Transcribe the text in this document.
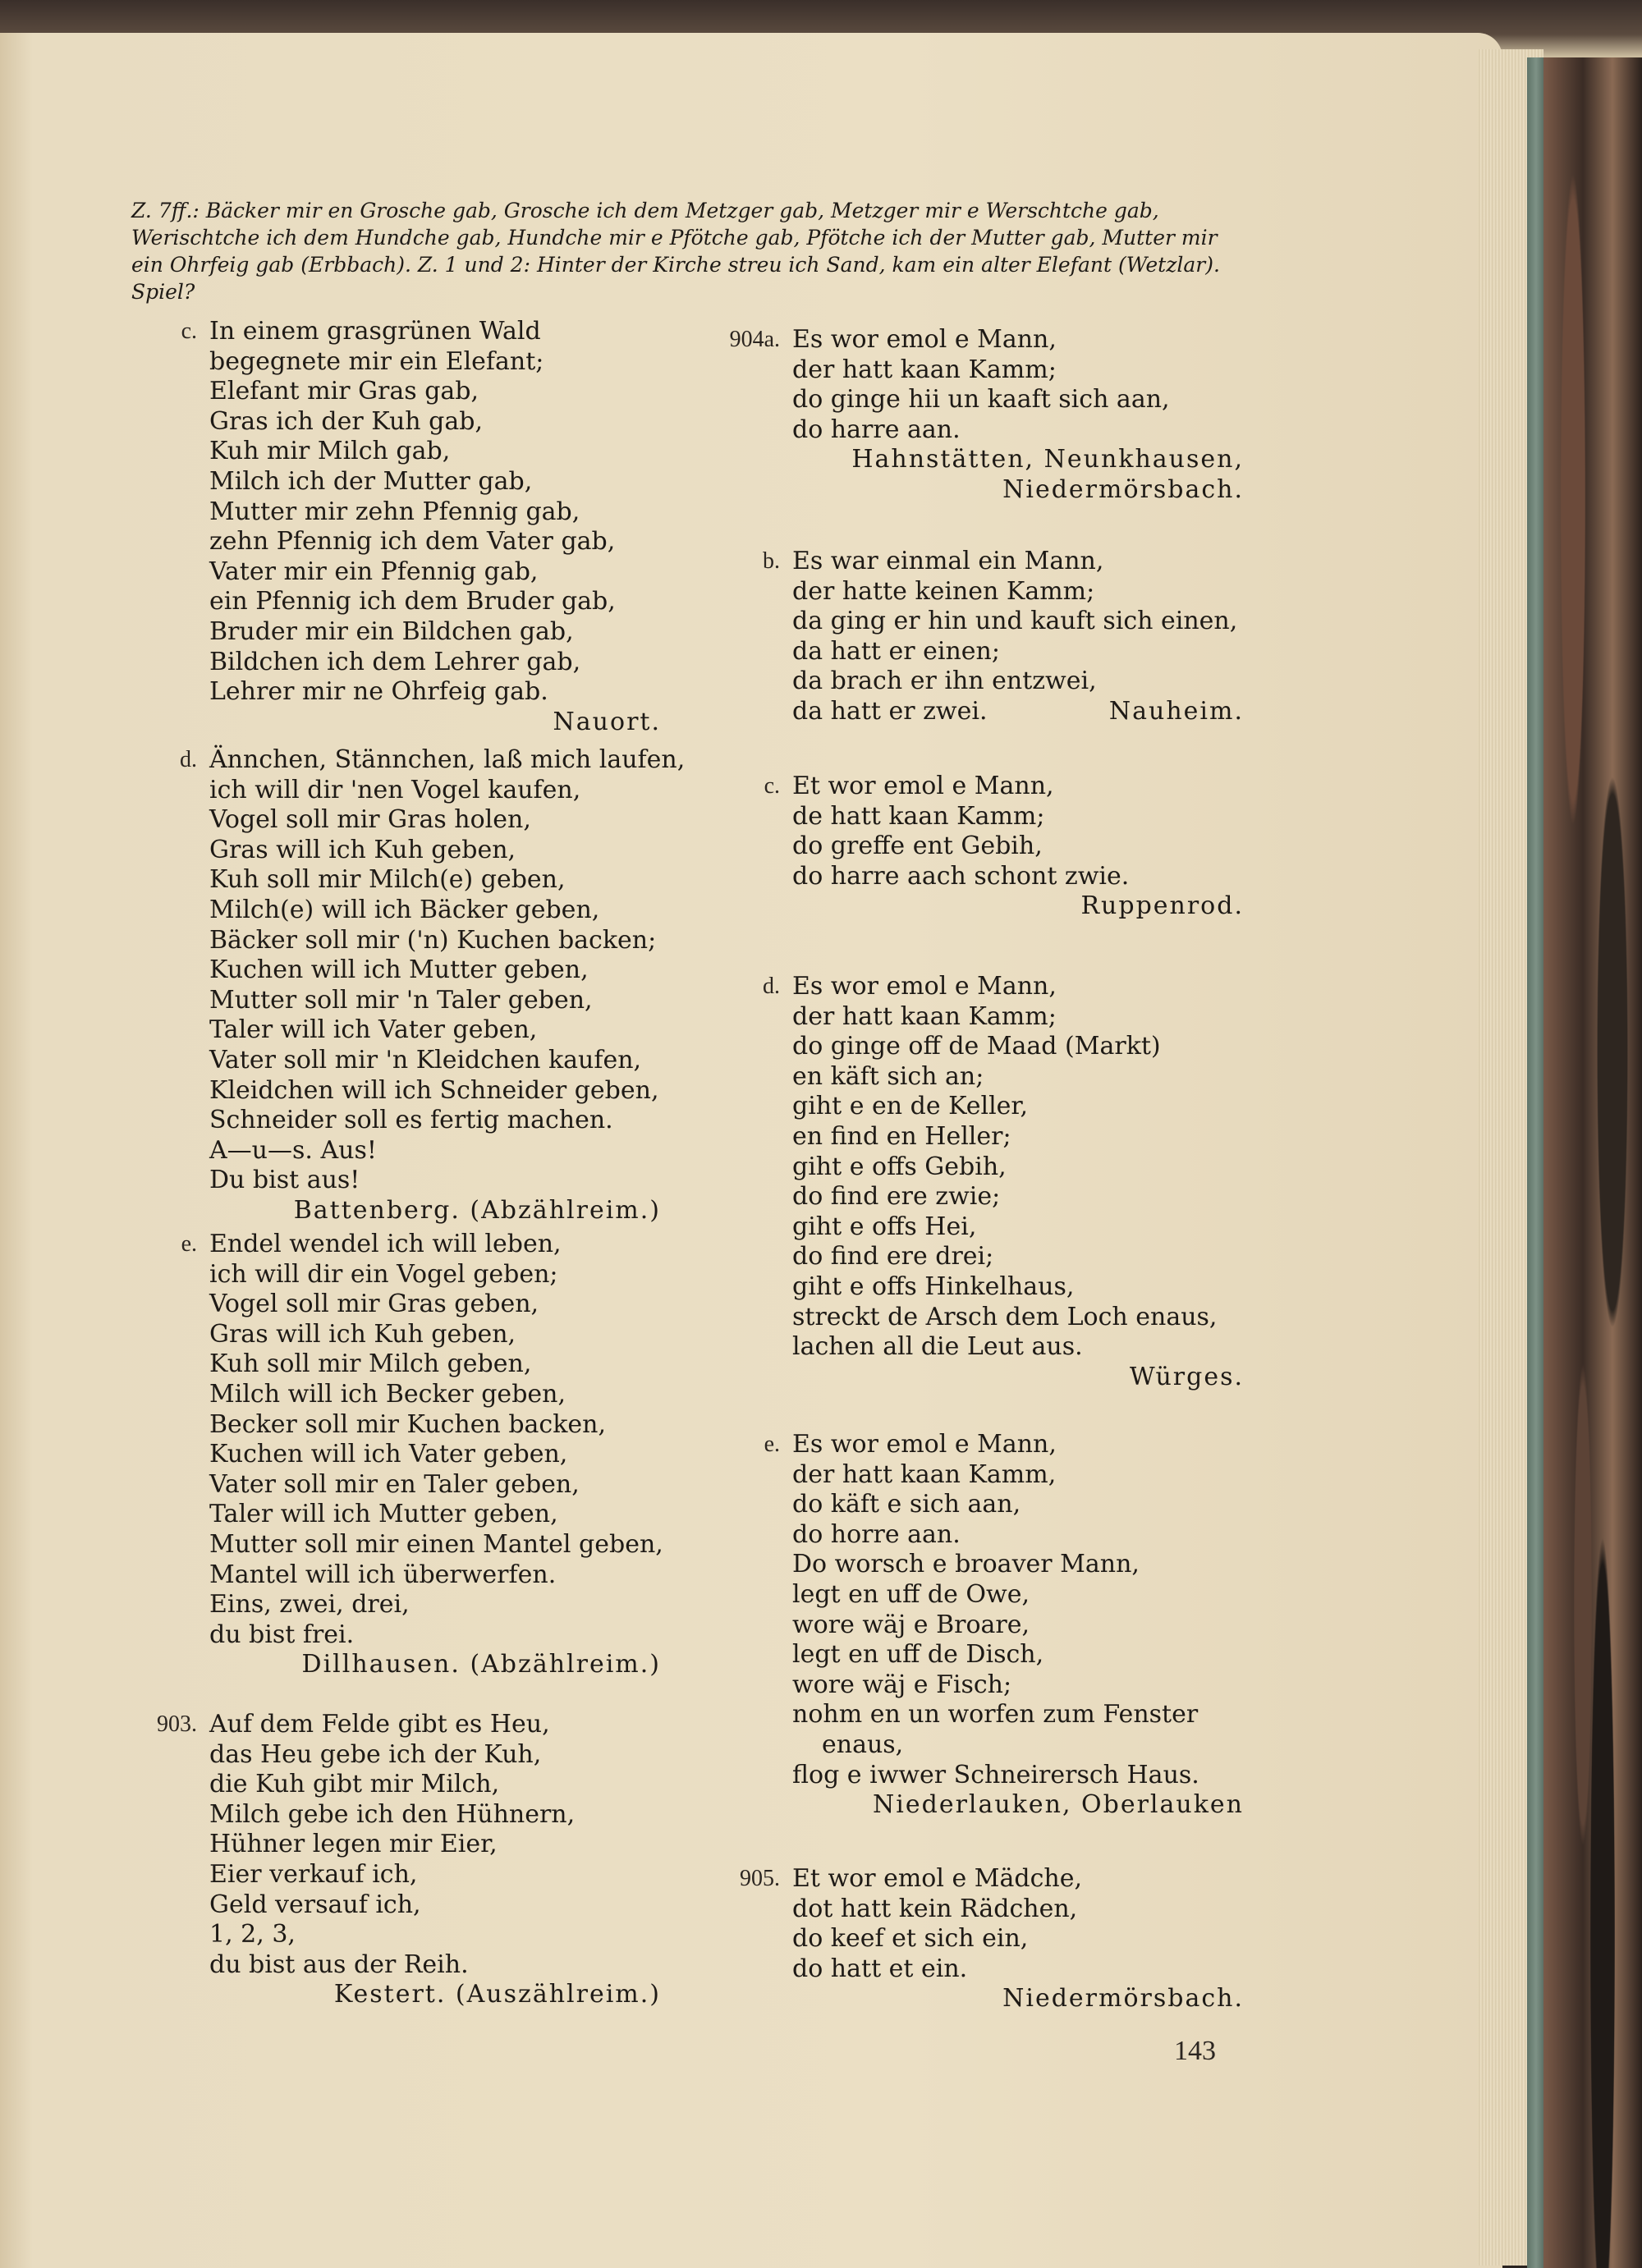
Z. 7ff.: Bäcker mir en Grosche gab, Grosche ich dem Metzger gab, Metzger mir e Werschtche gab, Werischtche ich dem Hundche gab, Hundche mir e Pfötche gab, Pfötche ich der Mutter gab, Mutter mir ein Ohrfeig gab (Erbbach). Z. 1 und 2: Hinter der Kirche streu ich Sand, kam ein alter Elefant (Wetzlar). Spiel?
c. In einem grasgrünen Wald
begegnete mir ein Elefant;
Elefant mir Gras gab,
Gras ich der Kuh gab,
Kuh mir Milch gab,
Milch ich der Mutter gab,
Mutter mir zehn Pfennig gab,
zehn Pfennig ich dem Vater gab,
Vater mir ein Pfennig gab,
ein Pfennig ich dem Bruder gab,
Bruder mir ein Bildchen gab,
Bildchen ich dem Lehrer gab,
Lehrer mir ne Ohrfeig gab.
Nauort.
d. Ännchen, Stännchen, laß mich laufen,
ich will dir 'nen Vogel kaufen,
Vogel soll mir Gras holen,
Gras will ich Kuh geben,
Kuh soll mir Milch(e) geben,
Milch(e) will ich Bäcker geben,
Bäcker soll mir ('n) Kuchen backen;
Kuchen will ich Mutter geben,
Mutter soll mir 'n Taler geben,
Taler will ich Vater geben,
Vater soll mir 'n Kleidchen kaufen,
Kleidchen will ich Schneider geben,
Schneider soll es fertig machen.
A—u—s. Aus!
Du bist aus!
Battenberg. (Abzählreim.)
e. Endel wendel ich will leben,
ich will dir ein Vogel geben;
Vogel soll mir Gras geben,
Gras will ich Kuh geben,
Kuh soll mir Milch geben,
Milch will ich Becker geben,
Becker soll mir Kuchen backen,
Kuchen will ich Vater geben,
Vater soll mir en Taler geben,
Taler will ich Mutter geben,
Mutter soll mir einen Mantel geben,
Mantel will ich überwerfen.
Eins, zwei, drei,
du bist frei.
Dillhausen. (Abzählreim.)
903. Auf dem Felde gibt es Heu,
das Heu gebe ich der Kuh,
die Kuh gibt mir Milch,
Milch gebe ich den Hühnern,
Hühner legen mir Eier,
Eier verkauf ich,
Geld versauf ich,
1, 2, 3,
du bist aus der Reih.
Kestert. (Auszählreim.)
904a. Es wor emol e Mann,
der hatt kaan Kamm;
do ginge hii un kaaft sich aan,
do harre aan.
Hahnstätten, Neunkhausen,
Niedermörsbach.
b. Es war einmal ein Mann,
der hatte keinen Kamm;
da ging er hin und kauft sich einen,
da hatt er einen;
da brach er ihn entzwei,
da hatt er zwei.	Nauheim.
c. Et wor emol e Mann,
de hatt kaan Kamm;
do greffe ent Gebih,
do harre aach schont zwie.
Ruppenrod.
d. Es wor emol e Mann,
der hatt kaan Kamm;
do ginge off de Maad (Markt)
en käft sich an;
giht e en de Keller,
en find en Heller;
giht e offs Gebih,
do find ere zwie;
giht e offs Hei,
do find ere drei;
giht e offs Hinkelhaus,
streckt de Arsch dem Loch enaus,
lachen all die Leut aus.
Würges.
e. Es wor emol e Mann,
der hatt kaan Kamm,
do käft e sich aan,
do horre aan.
Do worsch e broaver Mann,
legt en uff de Owe,
wore wäj e Broare,
legt en uff de Disch,
wore wäj e Fisch;
nohm en un worfen zum Fenster
enaus,
flog e iwwer Schneirersch Haus.
Niederlauken, Oberlauken
905. Et wor emol e Mädche,
dot hatt kein Rädchen,
do keef et sich ein,
do hatt et ein.
Niedermörsbach.
143
